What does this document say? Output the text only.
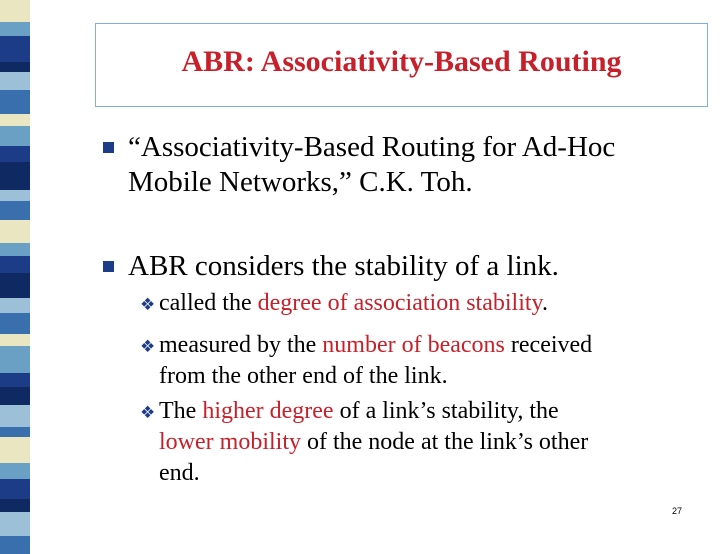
ABR: Associativity-Based Routing
“Associativity-Based Routing for Ad-Hoc
Mobile Networks,” C.K. Toh.
ABR considers the stability of a link.
❖ called the degree of association stability.
❖ measured by the number of beacons received
from the other end of the link.
❖ The higher degree of a link’s stability, the
lower mobility of the node at the link’s other
end.
27
